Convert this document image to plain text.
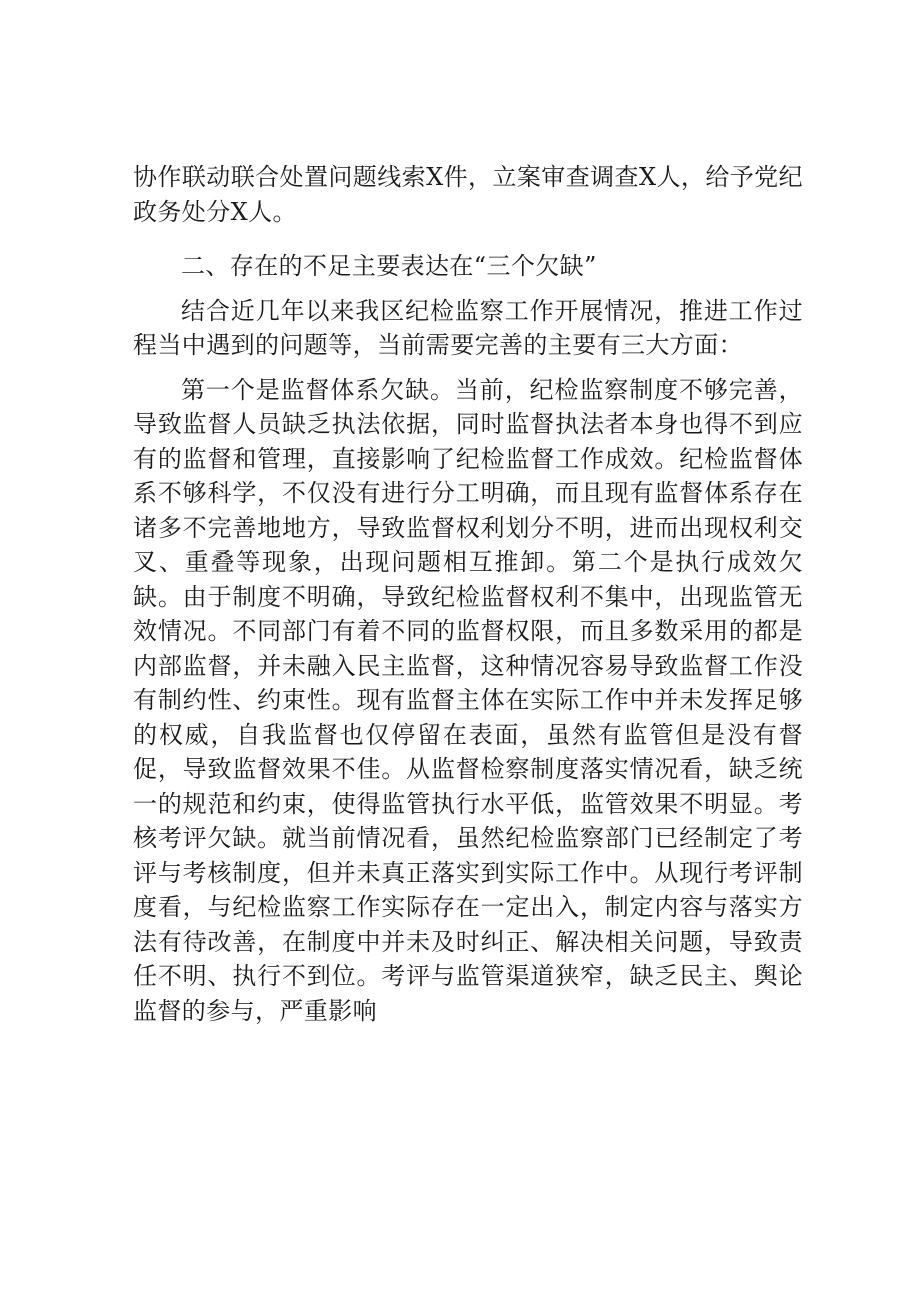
协作联动联合处置问题线索X件，立案审查调查X人，给予党纪政务处分X人。

二、存在的不足主要表达在“三个欠缺”

结合近几年以来我区纪检监察工作开展情况，推进工作过程当中遇到的问题等，当前需要完善的主要有三大方面：

第一个是监督体系欠缺。当前，纪检监察制度不够完善，导致监督人员缺乏执法依据，同时监督执法者本身也得不到应有的监督和管理，直接影响了纪检监督工作成效。纪检监督体系不够科学，不仅没有进行分工明确，而且现有监督体系存在诸多不完善地地方，导致监督权利划分不明，进而出现权利交叉、重叠等现象，出现问题相互推卸。第二个是执行成效欠缺。由于制度不明确，导致纪检监督权利不集中，出现监管无效情况。不同部门有着不同的监督权限，而且多数采用的都是内部监督，并未融入民主监督，这种情况容易导致监督工作没有制约性、约束性。现有监督主体在实际工作中并未发挥足够的权威，自我监督也仅停留在表面，虽然有监管但是没有督促，导致监督效果不佳。从监督检察制度落实情况看，缺乏统一的规范和约束，使得监管执行水平低，监管效果不明显。考核考评欠缺。就当前情况看，虽然纪检监察部门已经制定了考评与考核制度，但并未真正落实到实际工作中。从现行考评制度看，与纪检监察工作实际存在一定出入，制定内容与落实方法有待改善，在制度中并未及时纠正、解决相关问题，导致责任不明、执行不到位。考评与监管渠道狭窄，缺乏民主、舆论监督的参与，严重影响
